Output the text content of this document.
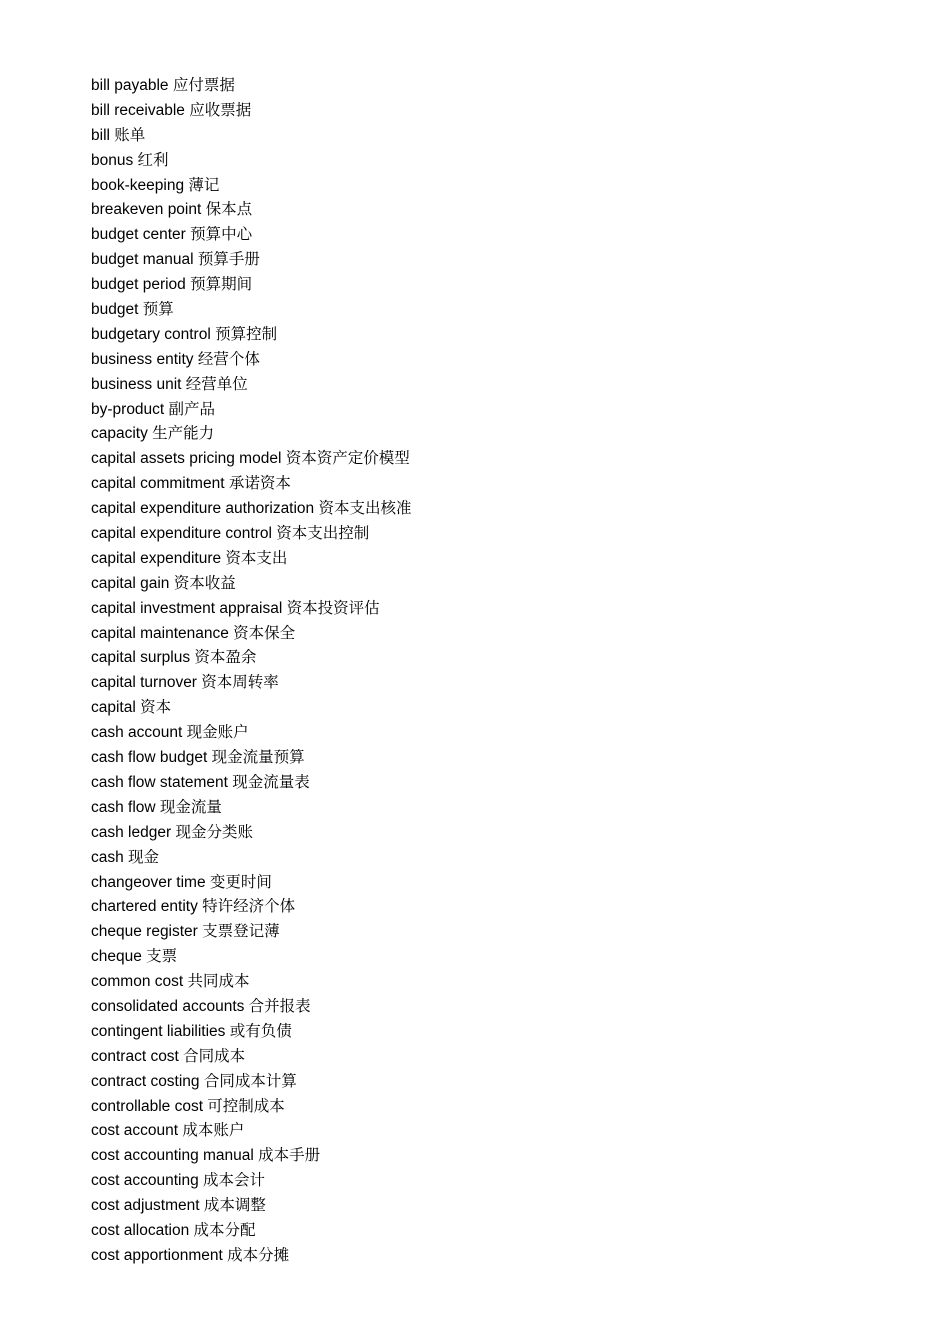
bill payable 应付票据
bill receivable 应收票据
bill 账单
bonus 红利
book-keeping 薄记
breakeven point 保本点
budget center 预算中心
budget manual 预算手册
budget period 预算期间
budget 预算
budgetary control 预算控制
business entity 经营个体
business unit 经营单位
by-product 副产品
capacity 生产能力
capital assets pricing model 资本资产定价模型
capital commitment 承诺资本
capital expenditure authorization 资本支出核准
capital expenditure control 资本支出控制
capital expenditure 资本支出
capital gain 资本收益
capital investment appraisal 资本投资评估
capital maintenance 资本保全
capital surplus 资本盈余
capital turnover 资本周转率
capital 资本
cash account 现金账户
cash flow budget 现金流量预算
cash flow statement 现金流量表
cash flow 现金流量
cash ledger 现金分类账
cash 现金
changeover time 变更时间
chartered entity 特许经济个体
cheque register 支票登记薄
cheque 支票
common cost 共同成本
consolidated accounts 合并报表
contingent liabilities 或有负债
contract cost 合同成本
contract costing 合同成本计算
controllable cost 可控制成本
cost account 成本账户
cost accounting manual 成本手册
cost accounting 成本会计
cost adjustment 成本调整
cost allocation 成本分配
cost apportionment 成本分摊
